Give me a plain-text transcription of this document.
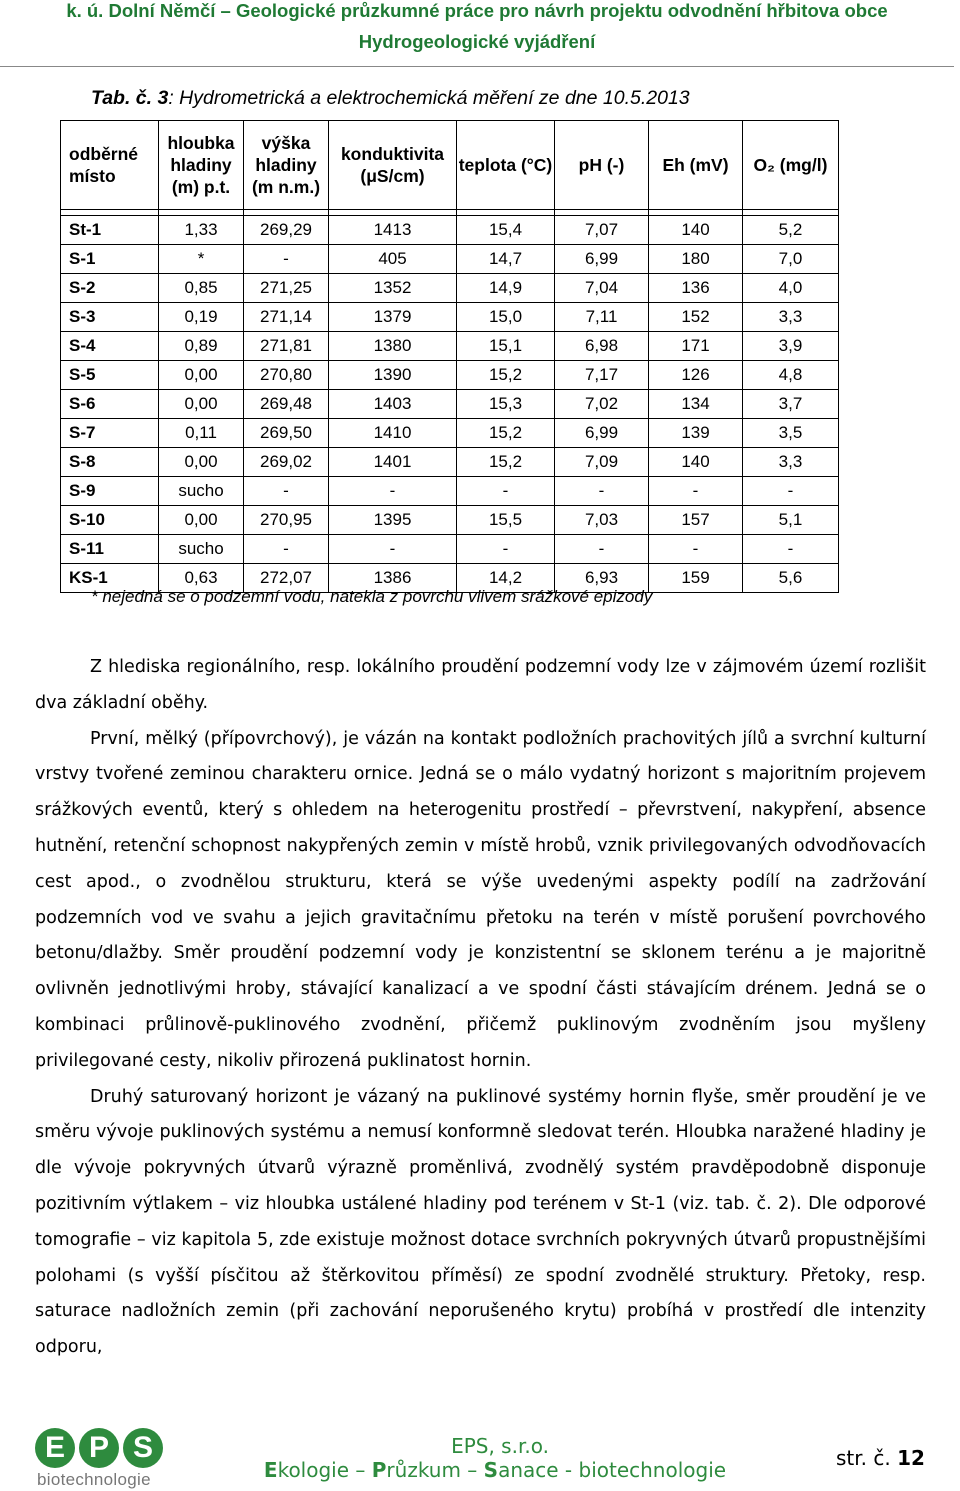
k. ú. Dolní Němčí – Geologické průzkumné práce pro návrh projektu odvodnění hřbitova obce
Hydrogeologické vyjádření
Tab. č. 3: Hydrometrická a elektrochemická měření ze dne 10.5.2013
odběrné místo	hloubka hladiny (m) p.t.	výška hladiny (m n.m.)	konduktivita (μS/cm)	teplota (°C)	pH (-)	Eh (mV)	O₂ (mg/l)

St-1	1,33	269,29	1413	15,4	7,07	140	5,2
S-1	*	-	405	14,7	6,99	180	7,0
S-2	0,85	271,25	1352	14,9	7,04	136	4,0
S-3	0,19	271,14	1379	15,0	7,11	152	3,3
S-4	0,89	271,81	1380	15,1	6,98	171	3,9
S-5	0,00	270,80	1390	15,2	7,17	126	4,8
S-6	0,00	269,48	1403	15,3	7,02	134	3,7
S-7	0,11	269,50	1410	15,2	6,99	139	3,5
S-8	0,00	269,02	1401	15,2	7,09	140	3,3
S-9	sucho	-	-	-	-	-	-
S-10	0,00	270,95	1395	15,5	7,03	157	5,1
S-11	sucho	-	-	-	-	-	-
KS-1	0,63	272,07	1386	14,2	6,93	159	5,6
* nejedná se o podzemní vodu, natekla z povrchu vlivem srážkové epizody

Z hlediska regionálního, resp. lokálního proudění podzemní vody lze v zájmovém území rozlišit dva základní oběhy.

První, mělký (přípovrchový), je vázán na kontakt podložních prachovitých jílů a svrchní kulturní vrstvy tvořené zeminou charakteru ornice. Jedná se o málo vydatný horizont s majoritním projevem srážkových eventů, který s ohledem na heterogenitu prostředí – převrstvení, nakypření, absence hutnění, retenční schopnost nakypřených zemin v místě hrobů, vznik privilegovaných odvodňovacích cest apod., o zvodnělou strukturu, která se výše uvedenými aspekty podílí na zadržování podzemních vod ve svahu a jejich gravitačnímu přetoku na terén v místě porušení povrchového betonu/dlažby. Směr proudění podzemní vody je konzistentní se sklonem terénu a je majoritně ovlivněn jednotlivými hroby, stávající kanalizací a ve spodní části stávajícím drénem. Jedná se o kombinaci průlinově-puklinového zvodnění, přičemž puklinovým zvodněním jsou myšleny privilegované cesty, nikoliv přirozená puklinatost hornin.

Druhý saturovaný horizont je vázaný na puklinové systémy hornin flyše, směr proudění je ve směru vývoje puklinových systému a nemusí konformně sledovat terén. Hloubka naražené hladiny je dle vývoje pokryvných útvarů výrazně proměnlivá, zvodnělý systém pravděpodobně disponuje pozitivním výtlakem – viz hloubka ustálené hladiny pod terénem v St-1 (viz. tab. č. 2). Dle odporové tomografie – viz kapitola 5, zde existuje možnost dotace svrchních pokryvných útvarů propustnějšími polohami (s vyšší písčitou až štěrkovitou příměsí) ze spodní zvodnělé struktury. Přetoky, resp. saturace nadložních zemin (při zachování neporušeného krytu) probíhá v prostředí dle intenzity odporu,

E P S
biotechnologie
EPS, s.r.o.
Ekologie – Průzkum – Sanace - biotechnologie	str. č. 12
